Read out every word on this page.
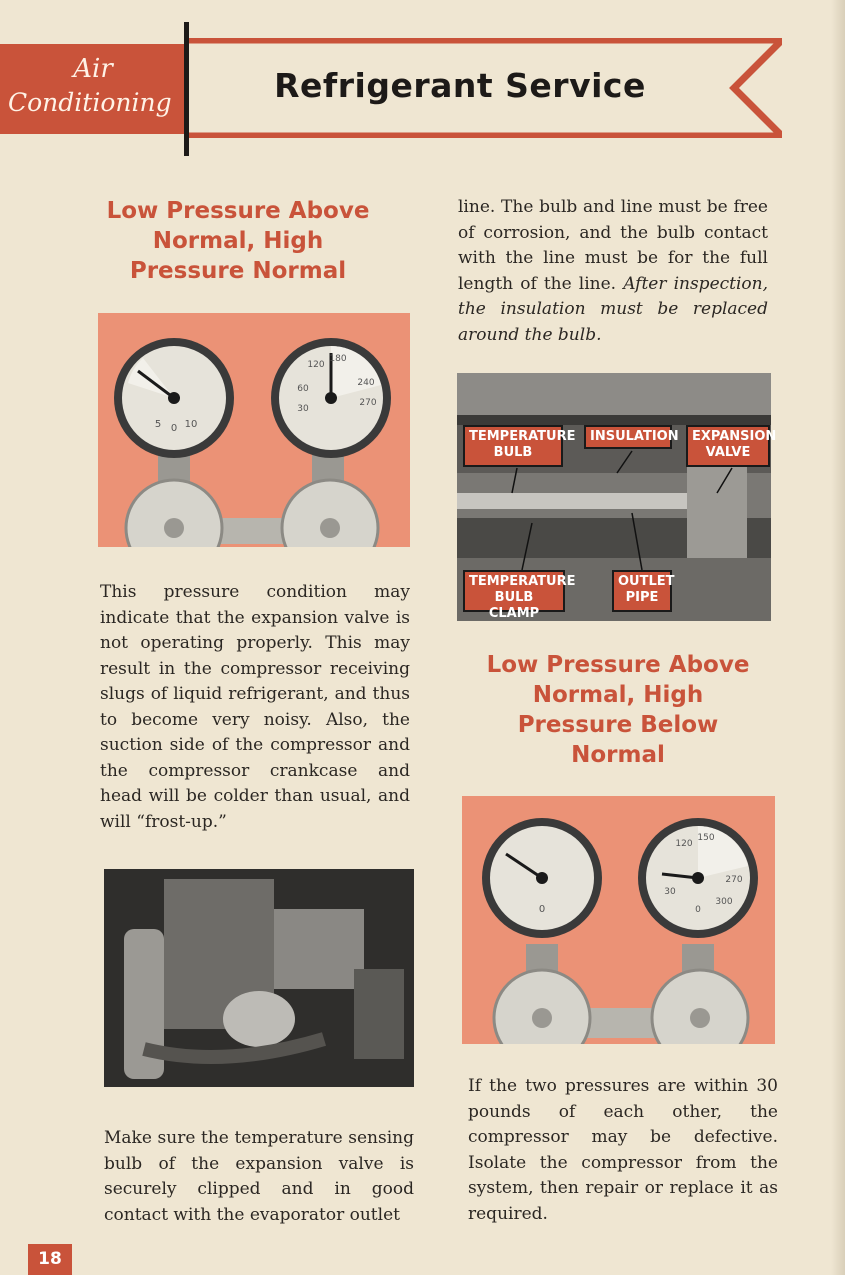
Air
Conditioning	Refrigerant Service
Low Pressure Above
Normal, High
Pressure Normal
0
5 10
120
180
240
270
60
30
line. The bulb and line must be free of corrosion, and the bulb contact with the line must be for the full length of the line. After inspection, the insulation must be replaced around the bulb.
TEMPERATURE
BULB
INSULATION EXPANSION
VALVE
TEMPERATURE
BULB CLAMP
OUTLET
PIPE
This pressure condition may indicate that the expansion valve is not operating properly. This may result in the compressor receiving slugs of liquid refrigerant, and thus to become very noisy. Also, the suction side of the compressor and the compressor crankcase and head will be colder than usual, and will “frost-up.”
Low Pressure Above
Normal, High
Pressure Below
Normal
Make sure the temperature sensing bulb of the expansion valve is securely clipped and in good contact with the evaporator outlet
0
120
150
270
300
30
0
If the two pressures are within 30 pounds of each other, the compressor may be defective. Isolate the compressor from the system, then repair or replace it as required.
18
